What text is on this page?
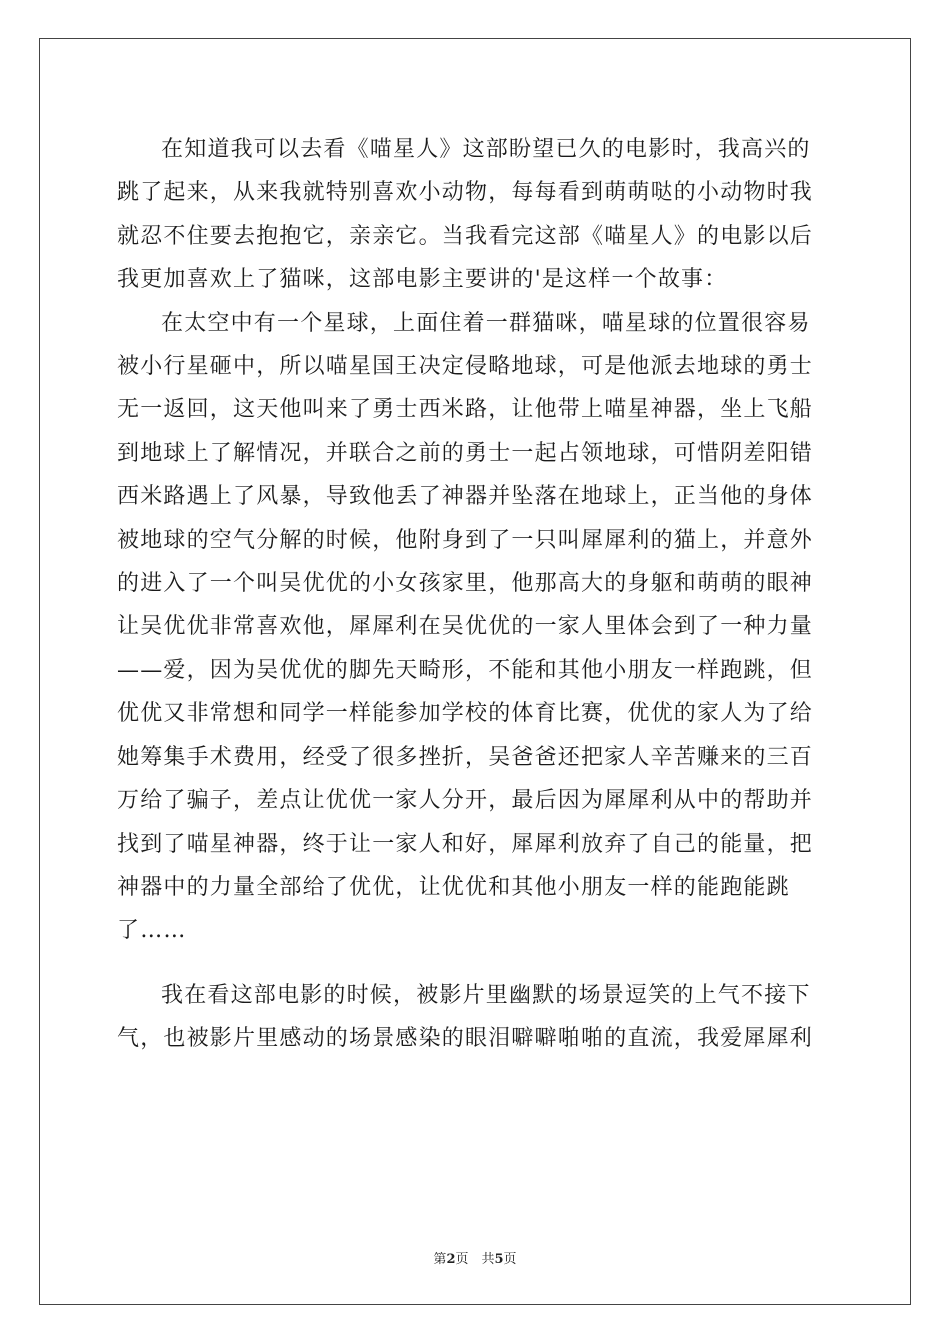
在知道我可以去看《喵星人》这部盼望已久的电影时，我高兴的跳了起来，从来我就特别喜欢小动物，每每看到萌萌哒的小动物时我就忍不住要去抱抱它，亲亲它。当我看完这部《喵星人》的电影以后我更加喜欢上了猫咪，这部电影主要讲的'是这样一个故事：

在太空中有一个星球，上面住着一群猫咪，喵星球的位置很容易被小行星砸中，所以喵星国王决定侵略地球，可是他派去地球的勇士无一返回，这天他叫来了勇士西米路，让他带上喵星神器，坐上飞船到地球上了解情况，并联合之前的勇士一起占领地球，可惜阴差阳错西米路遇上了风暴，导致他丢了神器并坠落在地球上，正当他的身体被地球的空气分解的时候，他附身到了一只叫犀犀利的猫上，并意外的进入了一个叫吴优优的小女孩家里，他那高大的身躯和萌萌的眼神让吴优优非常喜欢他，犀犀利在吴优优的一家人里体会到了一种力量——爱，因为吴优优的脚先天畸形，不能和其他小朋友一样跑跳，但优优又非常想和同学一样能参加学校的体育比赛，优优的家人为了给她筹集手术费用，经受了很多挫折，吴爸爸还把家人辛苦赚来的三百万给了骗子，差点让优优一家人分开，最后因为犀犀利从中的帮助并找到了喵星神器，终于让一家人和好，犀犀利放弃了自己的能量，把神器中的力量全部给了优优，让优优和其他小朋友一样的能跑能跳了……

我在看这部电影的时候，被影片里幽默的场景逗笑的上气不接下气，也被影片里感动的场景感染的眼泪噼噼啪啪的直流，我爱犀犀利

第2页　共5页
